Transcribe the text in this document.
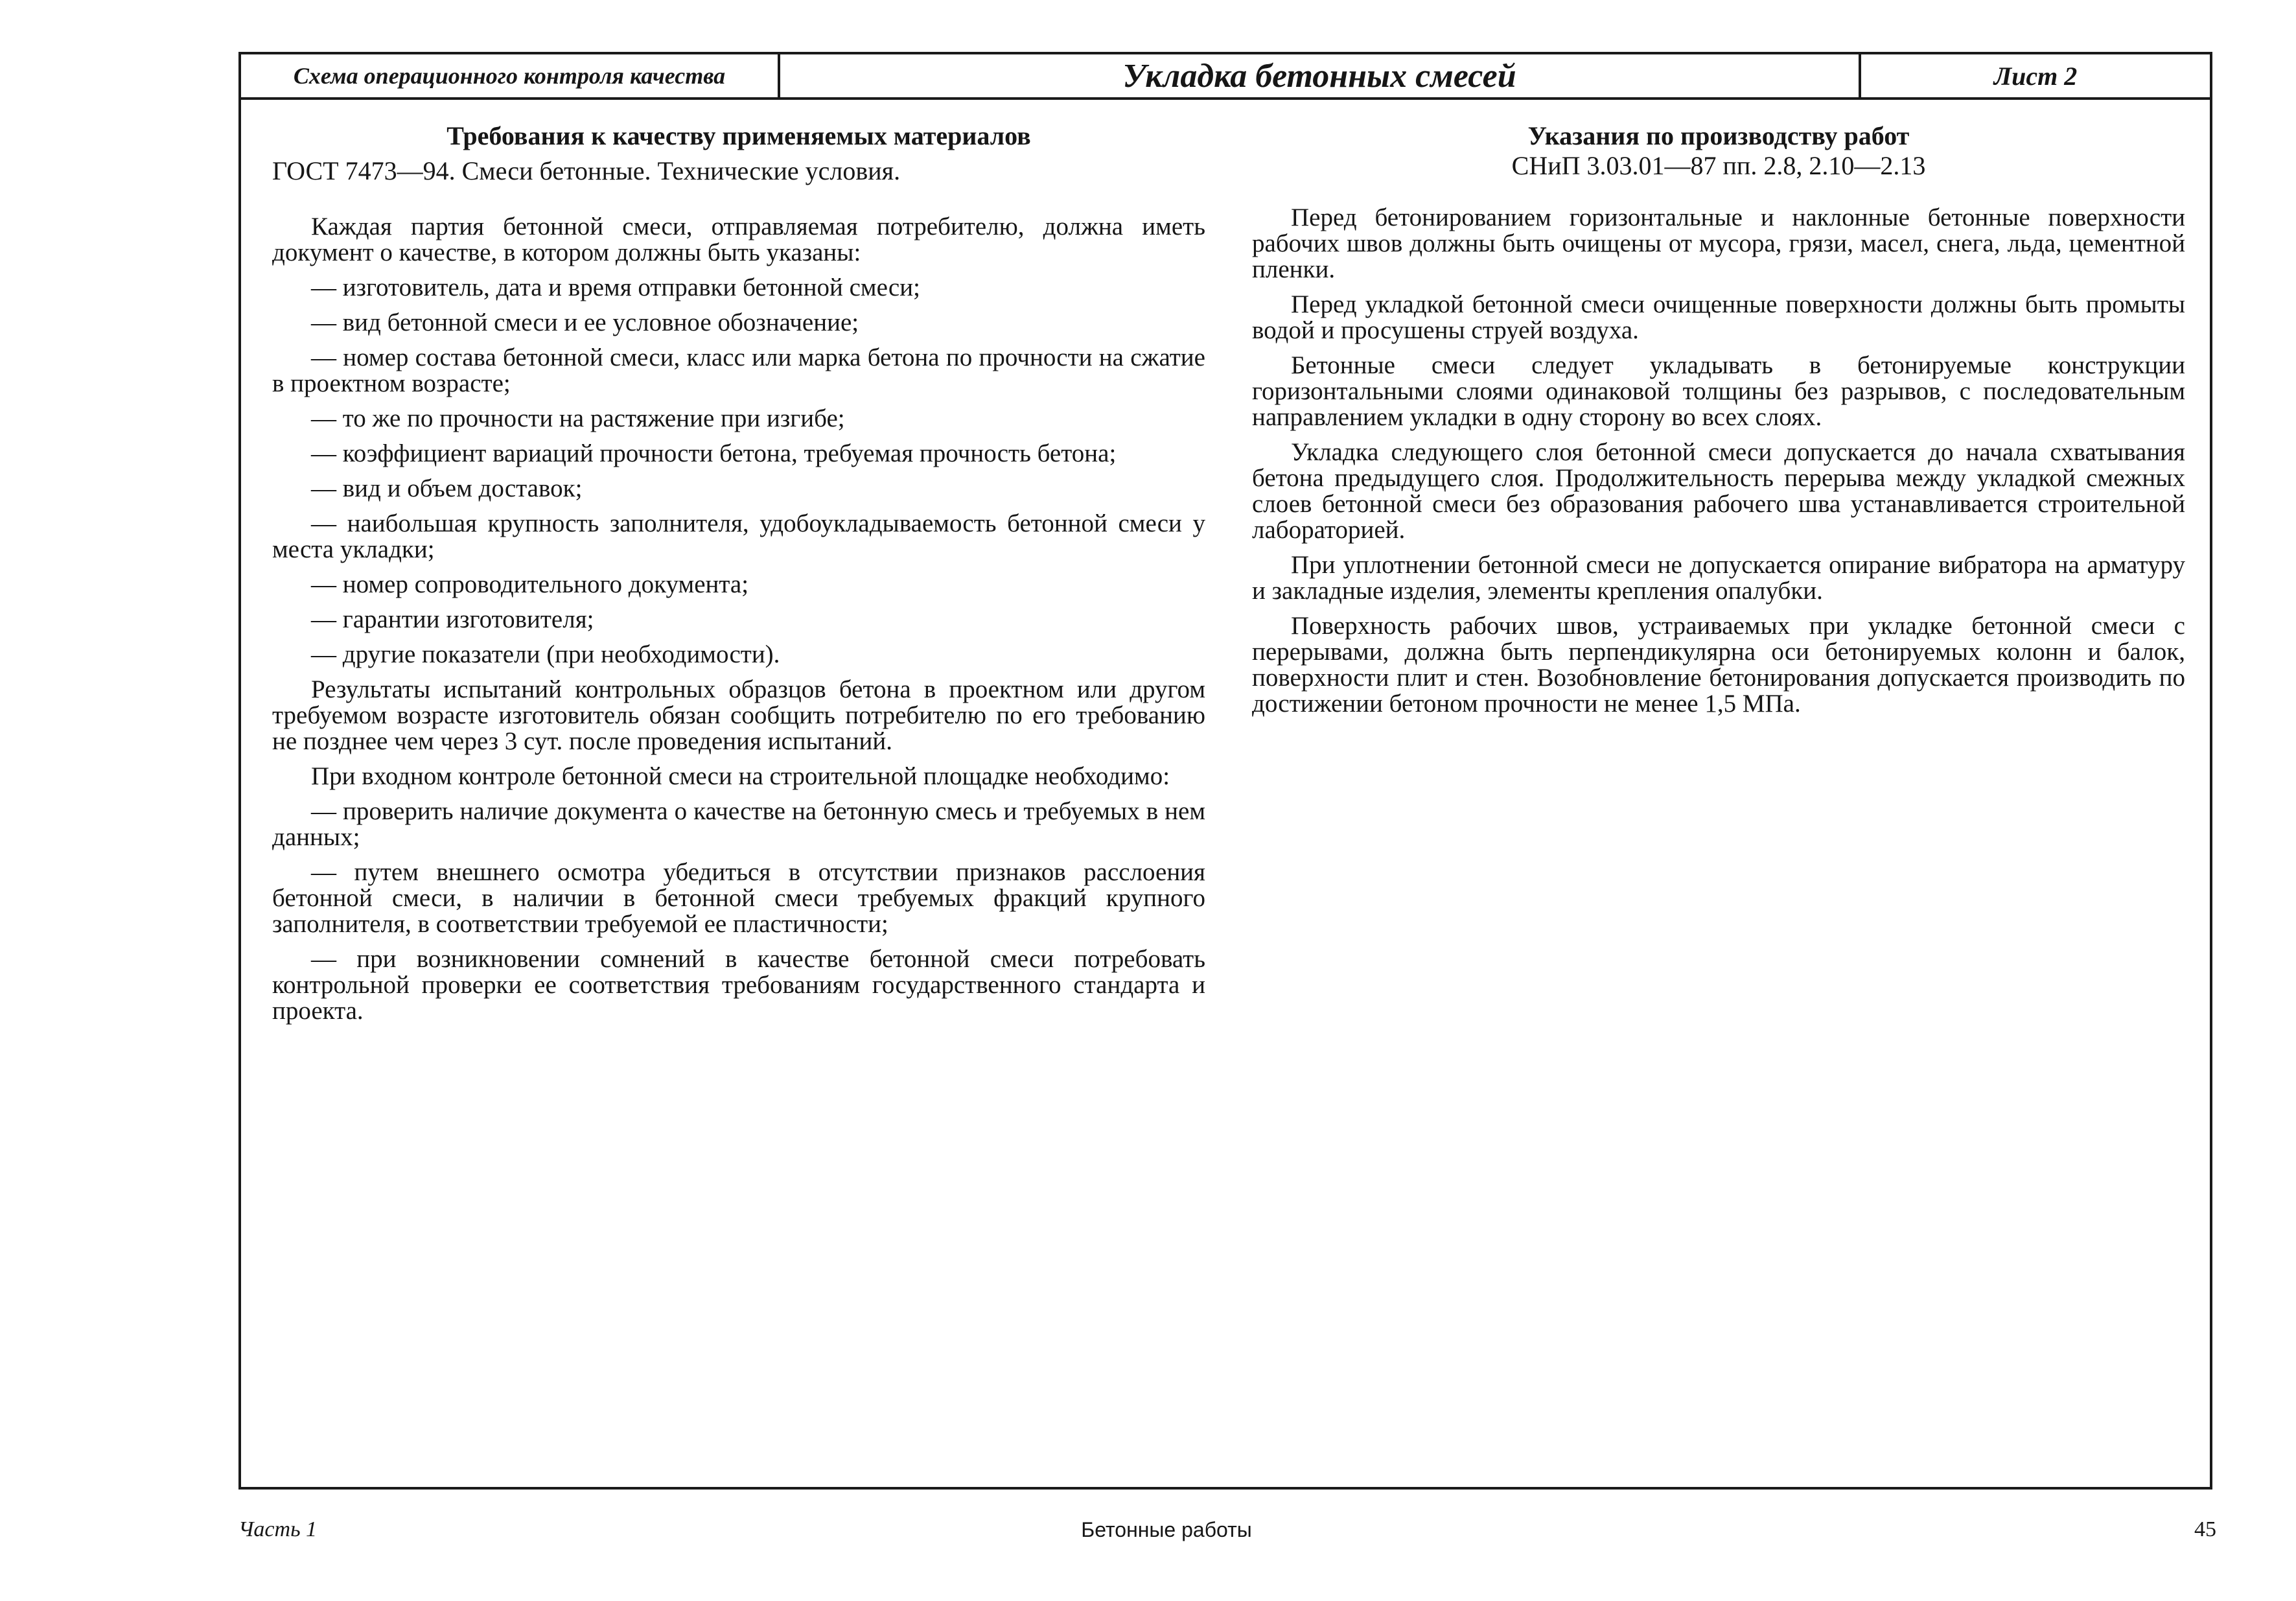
Схема операционного контроля качества	Укладка бетонных смесей	Лист 2
Требования к качеству применяемых материалов

ГОСТ 7473—94. Смеси бетонные. Технические условия.

Каждая партия бетонной смеси, отправляемая потребителю, должна иметь документ о качестве, в котором должны быть указаны:

— изготовитель, дата и время отправки бетонной смеси;

— вид бетонной смеси и ее условное обозначение;

— номер состава бетонной смеси, класс или марка бетона по прочности на сжатие в проектном возрасте;

— то же по прочности на растяжение при изгибе;

— коэффициент вариаций прочности бетона, требуемая прочность бетона;

— вид и объем доставок;

— наибольшая крупность заполнителя, удобоукладываемость бетонной смеси у места укладки;

— номер сопроводительного документа;

— гарантии изготовителя;

— другие показатели (при необходимости).

Результаты испытаний контрольных образцов бетона в проектном или другом требуемом возрасте изготовитель обязан сообщить потребителю по его требованию не позднее чем через 3 сут. после проведения испытаний.

При входном контроле бетонной смеси на строительной площадке необходимо:

— проверить наличие документа о качестве на бетонную смесь и требуемых в нем данных;

— путем внешнего осмотра убедиться в отсутствии признаков расслоения бетонной смеси, в наличии в бетонной смеси требуемых фракций крупного заполнителя, в соответствии требуемой ее пластичности;

— при возникновении сомнений в качестве бетонной смеси потребовать контрольной проверки ее соответствия требованиям государственного стандарта и проекта.

Указания по производству работ
СНиП 3.03.01—87 пп. 2.8, 2.10—2.13

Перед бетонированием горизонтальные и наклонные бетонные поверхности рабочих швов должны быть очищены от мусора, грязи, масел, снега, льда, цементной пленки.

Перед укладкой бетонной смеси очищенные поверхности должны быть промыты водой и просушены струей воздуха.

Бетонные смеси следует укладывать в бетонируемые конструкции горизонтальными слоями одинаковой толщины без разрывов, с последовательным направлением укладки в одну сторону во всех слоях.

Укладка следующего слоя бетонной смеси допускается до начала схватывания бетона предыдущего слоя. Продолжительность перерыва между укладкой смежных слоев бетонной смеси без образования рабочего шва устанавливается строительной лабораторией.

При уплотнении бетонной смеси не допускается опирание вибратора на арматуру и закладные изделия, элементы крепления опалубки.

Поверхность рабочих швов, устраиваемых при укладке бетонной смеси с перерывами, должна быть перпендикулярна оси бетонируемых колонн и балок, поверхности плит и стен. Возобновление бетонирования допускается производить по достижении бетоном прочности не менее 1,5 МПа.

Часть 1	Бетонные работы	45
